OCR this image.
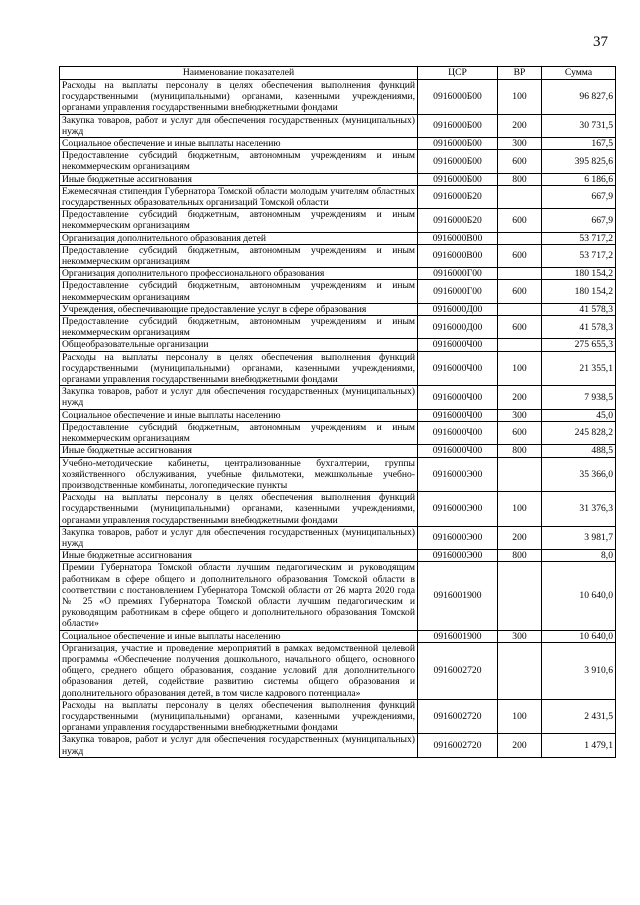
37
Наименование показателей	ЦСР	ВР	Сумма
Расходы на выплаты персоналу в целях обеспечения выполнения функций государственными (муниципальными) органами, казенными учреждениями, органами управления государственными внебюджетными фондами	0916000Б00	100	96 827,6
Закупка товаров, работ и услуг для обеспечения государственных (муниципальных) нужд	0916000Б00	200	30 731,5
Социальное обеспечение и иные выплаты населению	0916000Б00	300	167,5
Предоставление субсидий бюджетным, автономным учреждениям и иным некоммерческим организациям	0916000Б00	600	395 825,6
Иные бюджетные ассигнования	0916000Б00	800	6 186,6
Ежемесячная стипендия Губернатора Томской области молодым учителям областных государственных образовательных организаций Томской области	0916000Б20		667,9
Предоставление субсидий бюджетным, автономным учреждениям и иным некоммерческим организациям	0916000Б20	600	667,9
Организация дополнительного образования детей	0916000В00		53 717,2
Предоставление субсидий бюджетным, автономным учреждениям и иным некоммерческим организациям	0916000В00	600	53 717,2
Организация дополнительного профессионального образования	0916000Г00		180 154,2
Предоставление субсидий бюджетным, автономным учреждениям и иным некоммерческим организациям	0916000Г00	600	180 154,2
Учреждения, обеспечивающие предоставление услуг в сфере образования	0916000Д00		41 578,3
Предоставление субсидий бюджетным, автономным учреждениям и иным некоммерческим организациям	0916000Д00	600	41 578,3
Общеобразовательные организации	0916000Ч00		275 655,3
Расходы на выплаты персоналу в целях обеспечения выполнения функций государственными (муниципальными) органами, казенными учреждениями, органами управления государственными внебюджетными фондами	0916000Ч00	100	21 355,1
Закупка товаров, работ и услуг для обеспечения государственных (муниципальных) нужд	0916000Ч00	200	7 938,5
Социальное обеспечение и иные выплаты населению	0916000Ч00	300	45,0
Предоставление субсидий бюджетным, автономным учреждениям и иным некоммерческим организациям	0916000Ч00	600	245 828,2
Иные бюджетные ассигнования	0916000Ч00	800	488,5
Учебно-методические кабинеты, централизованные бухгалтерии, группы хозяйственного обслуживания, учебные фильмотеки, межшкольные учебно-производственные комбинаты, логопедические пункты	0916000Э00		35 366,0
Расходы на выплаты персоналу в целях обеспечения выполнения функций государственными (муниципальными) органами, казенными учреждениями, органами управления государственными внебюджетными фондами	0916000Э00	100	31 376,3
Закупка товаров, работ и услуг для обеспечения государственных (муниципальных) нужд	0916000Э00	200	3 981,7
Иные бюджетные ассигнования	0916000Э00	800	8,0
Премии Губернатора Томской области лучшим педагогическим и руководящим работникам в сфере общего и дополнительного образования Томской области в соответствии с постановлением Губернатора Томской области от 26 марта 2020 года № 25 «О премиях Губернатора Томской области лучшим педагогическим и руководящим работникам в сфере общего и дополнительного образования Томской области»	0916001900		10 640,0
Социальное обеспечение и иные выплаты населению	0916001900	300	10 640,0
Организация, участие и проведение мероприятий в рамках ведомственной целевой программы «Обеспечение получения дошкольного, начального общего, основного общего, среднего общего образования, создание условий для дополнительного образования детей, содействие развитию системы общего образования и дополнительного образования детей, в том числе кадрового потенциала»	0916002720		3 910,6
Расходы на выплаты персоналу в целях обеспечения выполнения функций государственными (муниципальными) органами, казенными учреждениями, органами управления государственными внебюджетными фондами	0916002720	100	2 431,5
Закупка товаров, работ и услуг для обеспечения государственных (муниципальных) нужд	0916002720	200	1 479,1
